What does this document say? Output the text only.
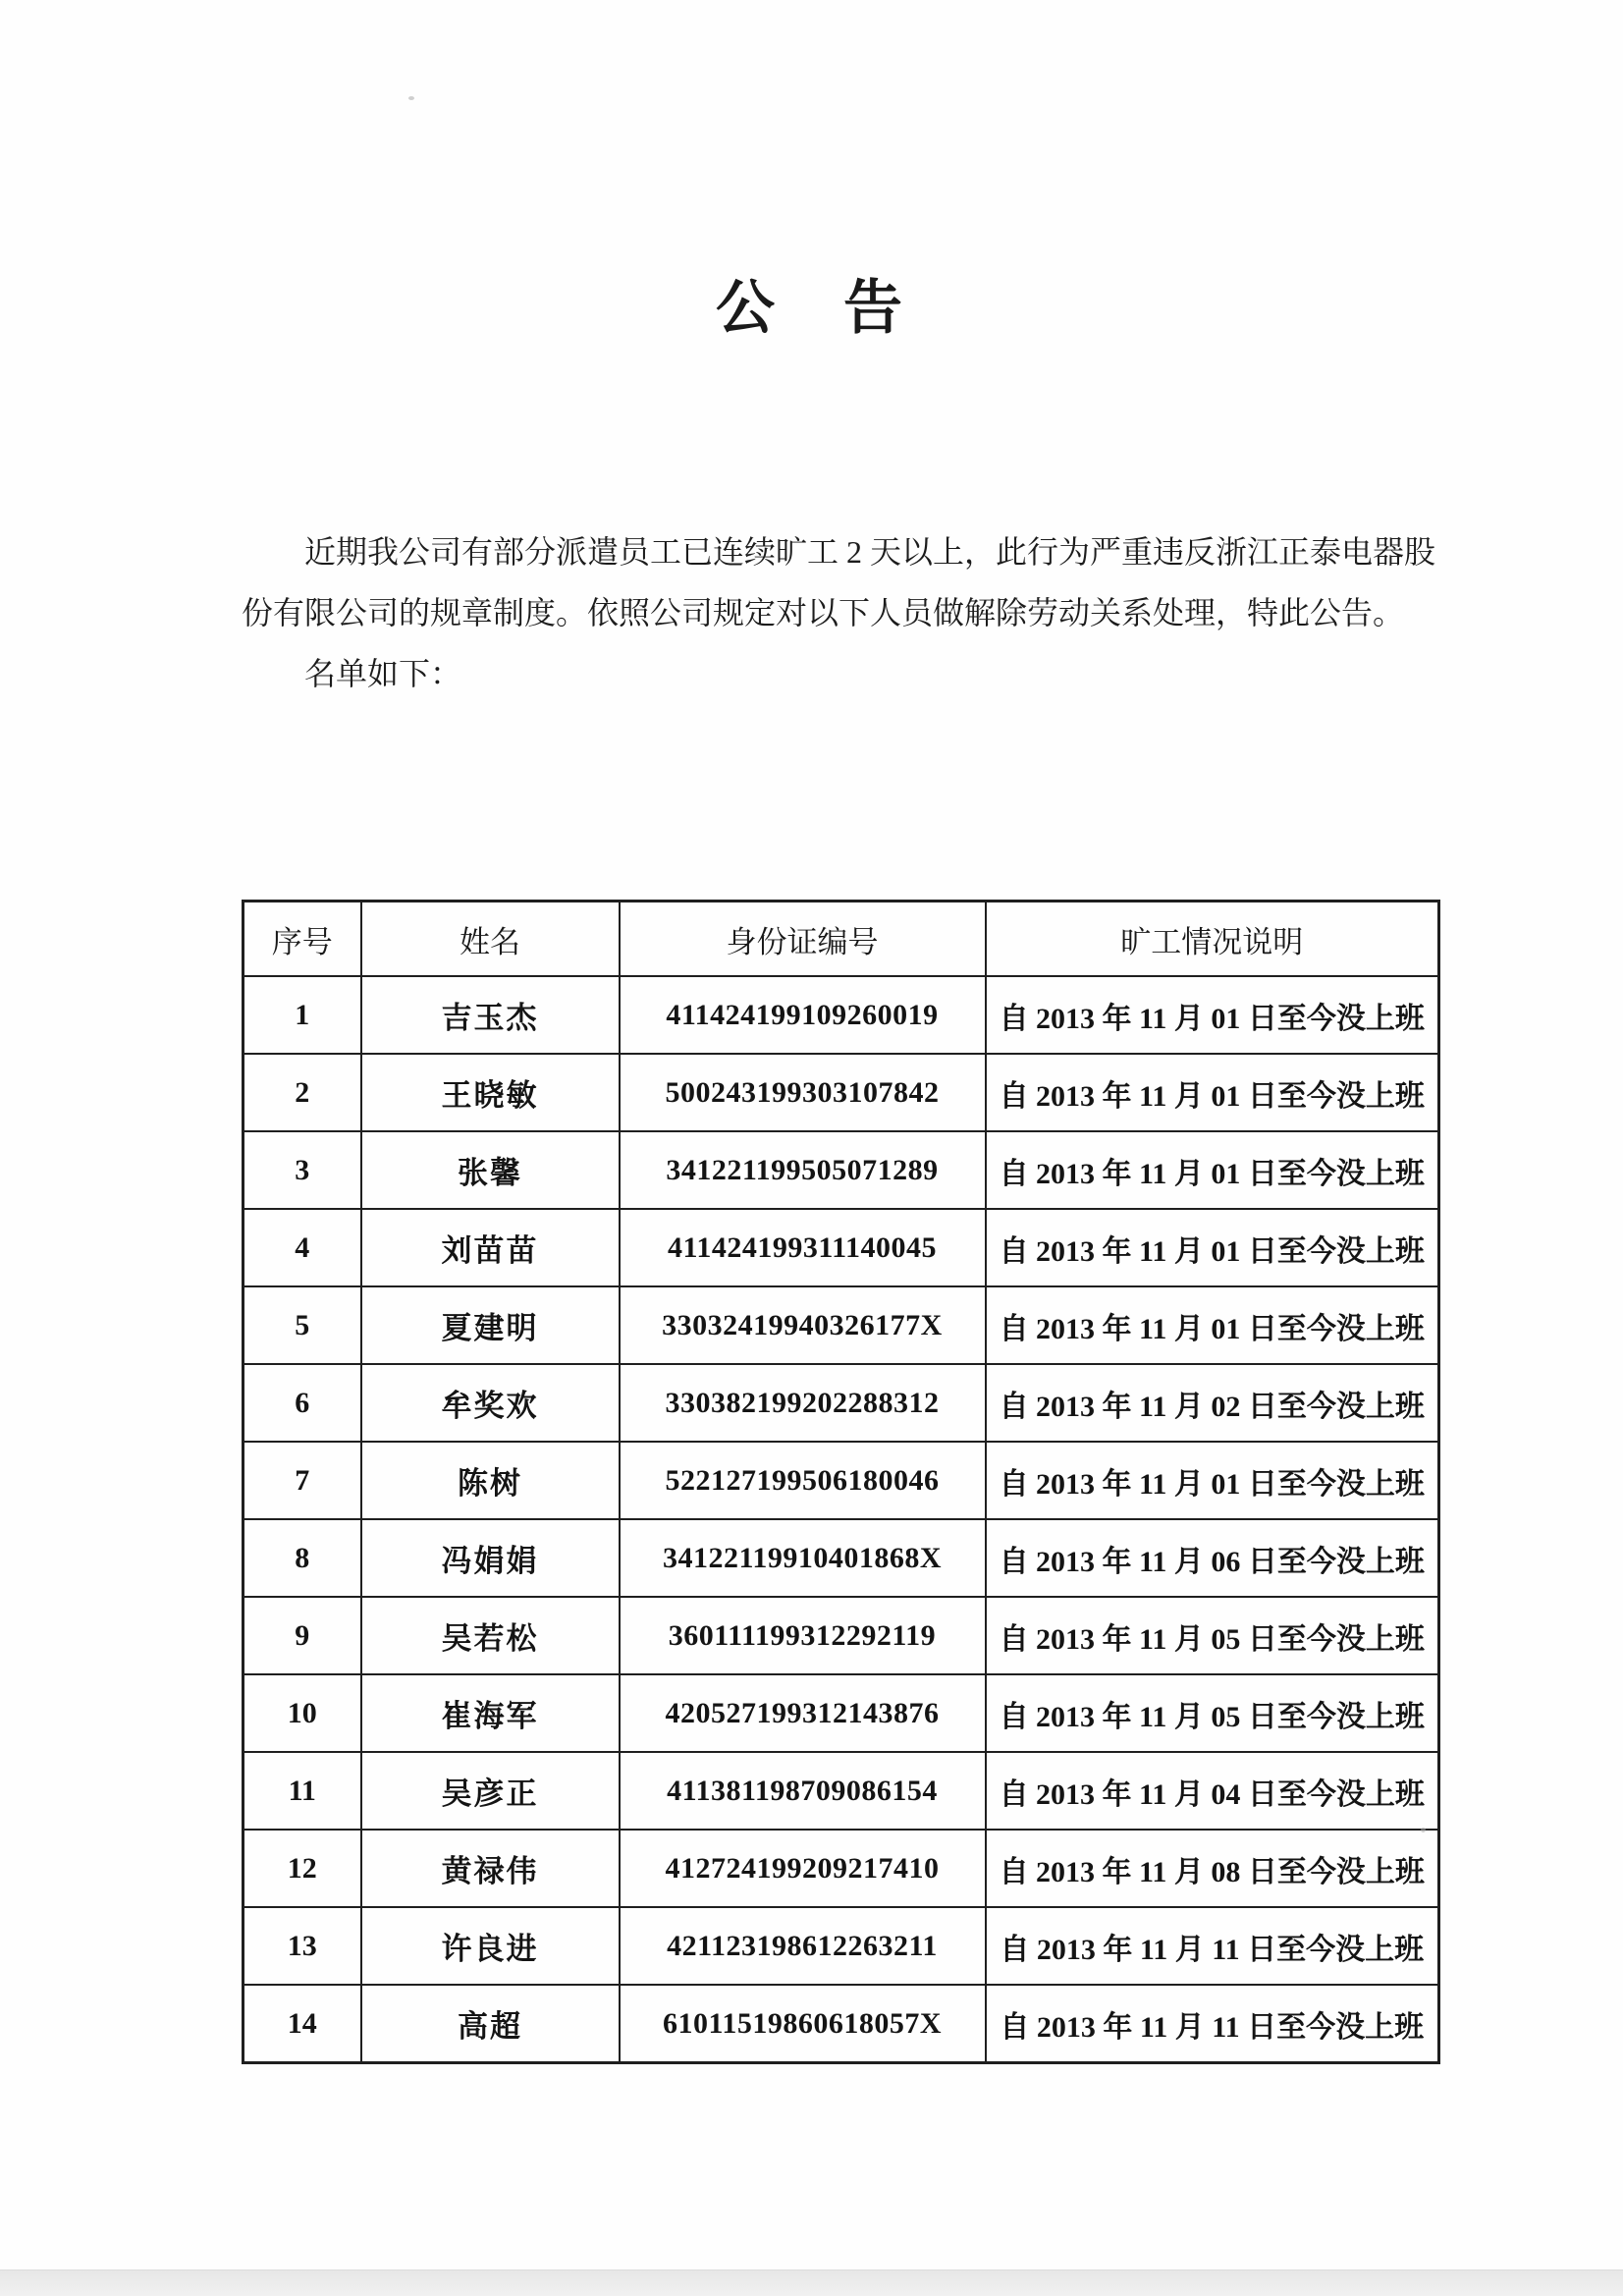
公　告

近期我公司有部分派遣员工已连续旷工 2 天以上，此行为严重违反浙江正泰电器股份有限公司的规章制度。依照公司规定对以下人员做解除劳动关系处理，特此公告。

名单如下：

序号	姓名	身份证编号	旷工情况说明
1	吉玉杰	411424199109260019	自 2013 年 11 月 01 日至今没上班
2	王晓敏	500243199303107842	自 2013 年 11 月 01 日至今没上班
3	张馨	341221199505071289	自 2013 年 11 月 01 日至今没上班
4	刘苗苗	411424199311140045	自 2013 年 11 月 01 日至今没上班
5	夏建明	33032419940326177X	自 2013 年 11 月 01 日至今没上班
6	牟奖欢	330382199202288312	自 2013 年 11 月 02 日至今没上班
7	陈树	522127199506180046	自 2013 年 11 月 01 日至今没上班
8	冯娟娟	34122119910401868X	自 2013 年 11 月 06 日至今没上班
9	吴若松	360111199312292119	自 2013 年 11 月 05 日至今没上班
10	崔海军	420527199312143876	自 2013 年 11 月 05 日至今没上班
11	吴彦正	411381198709086154	自 2013 年 11 月 04 日至今没上班
12	黄禄伟	412724199209217410	自 2013 年 11 月 08 日至今没上班
13	许良进	421123198612263211	自 2013 年 11 月 11 日至今没上班
14	高超	61011519860618057X	自 2013 年 11 月 11 日至今没上班
